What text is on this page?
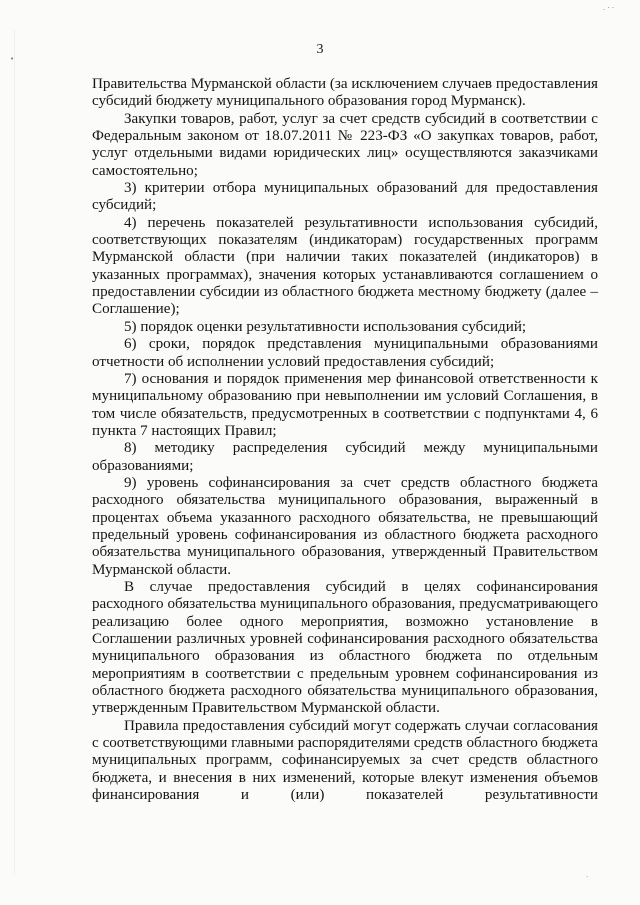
•
. · ·
·
3

Правительства Мурманской области (за исключением случаев предоставления субсидий бюджету муниципального образования город Мурманск).

Закупки товаров, работ, услуг за счет средств субсидий в соответствии с Федеральным законом от 18.07.2011 № 223-ФЗ «О закупках товаров, работ, услуг отдельными видами юридических лиц» осуществляются заказчиками самостоятельно;

3) критерии отбора муниципальных образований для предоставления субсидий;

4) перечень показателей результативности использования субсидий, соответствующих показателям (индикаторам) государственных программ Мурманской области (при наличии таких показателей (индикаторов) в указанных программах), значения которых устанавливаются соглашением о предоставлении субсидии из областного бюджета местному бюджету (далее – Соглашение);

5) порядок оценки результативности использования субсидий;

6) сроки, порядок представления муниципальными образованиями отчетности об исполнении условий предоставления субсидий;

7) основания и порядок применения мер финансовой ответственности к муниципальному образованию при невыполнении им условий Соглашения, в том числе обязательств, предусмотренных в соответствии с подпунктами 4, 6 пункта 7 настоящих Правил;

8) методику распределения субсидий между муниципальными образованиями;

9) уровень софинансирования за счет средств областного бюджета расходного обязательства муниципального образования, выраженный в процентах объема указанного расходного обязательства, не превышающий предельный уровень софинансирования из областного бюджета расходного обязательства муниципального образования, утвержденный Правительством Мурманской области.

В случае предоставления субсидий в целях софинансирования расходного обязательства муниципального образования, предусматривающего реализацию более одного мероприятия, возможно установление в Соглашении различных уровней софинансирования расходного обязательства муниципального образования из областного бюджета по отдельным мероприятиям в соответствии с предельным уровнем софинансирования из областного бюджета расходного обязательства муниципального образования, утвержденным Правительством Мурманской области.

Правила предоставления субсидий могут содержать случаи согласования с соответствующими главными распорядителями средств областного бюджета муниципальных программ, софинансируемых за счет средств областного бюджета, и внесения в них изменений, которые влекут изменения объемов финансирования и (или) показателей результативности
